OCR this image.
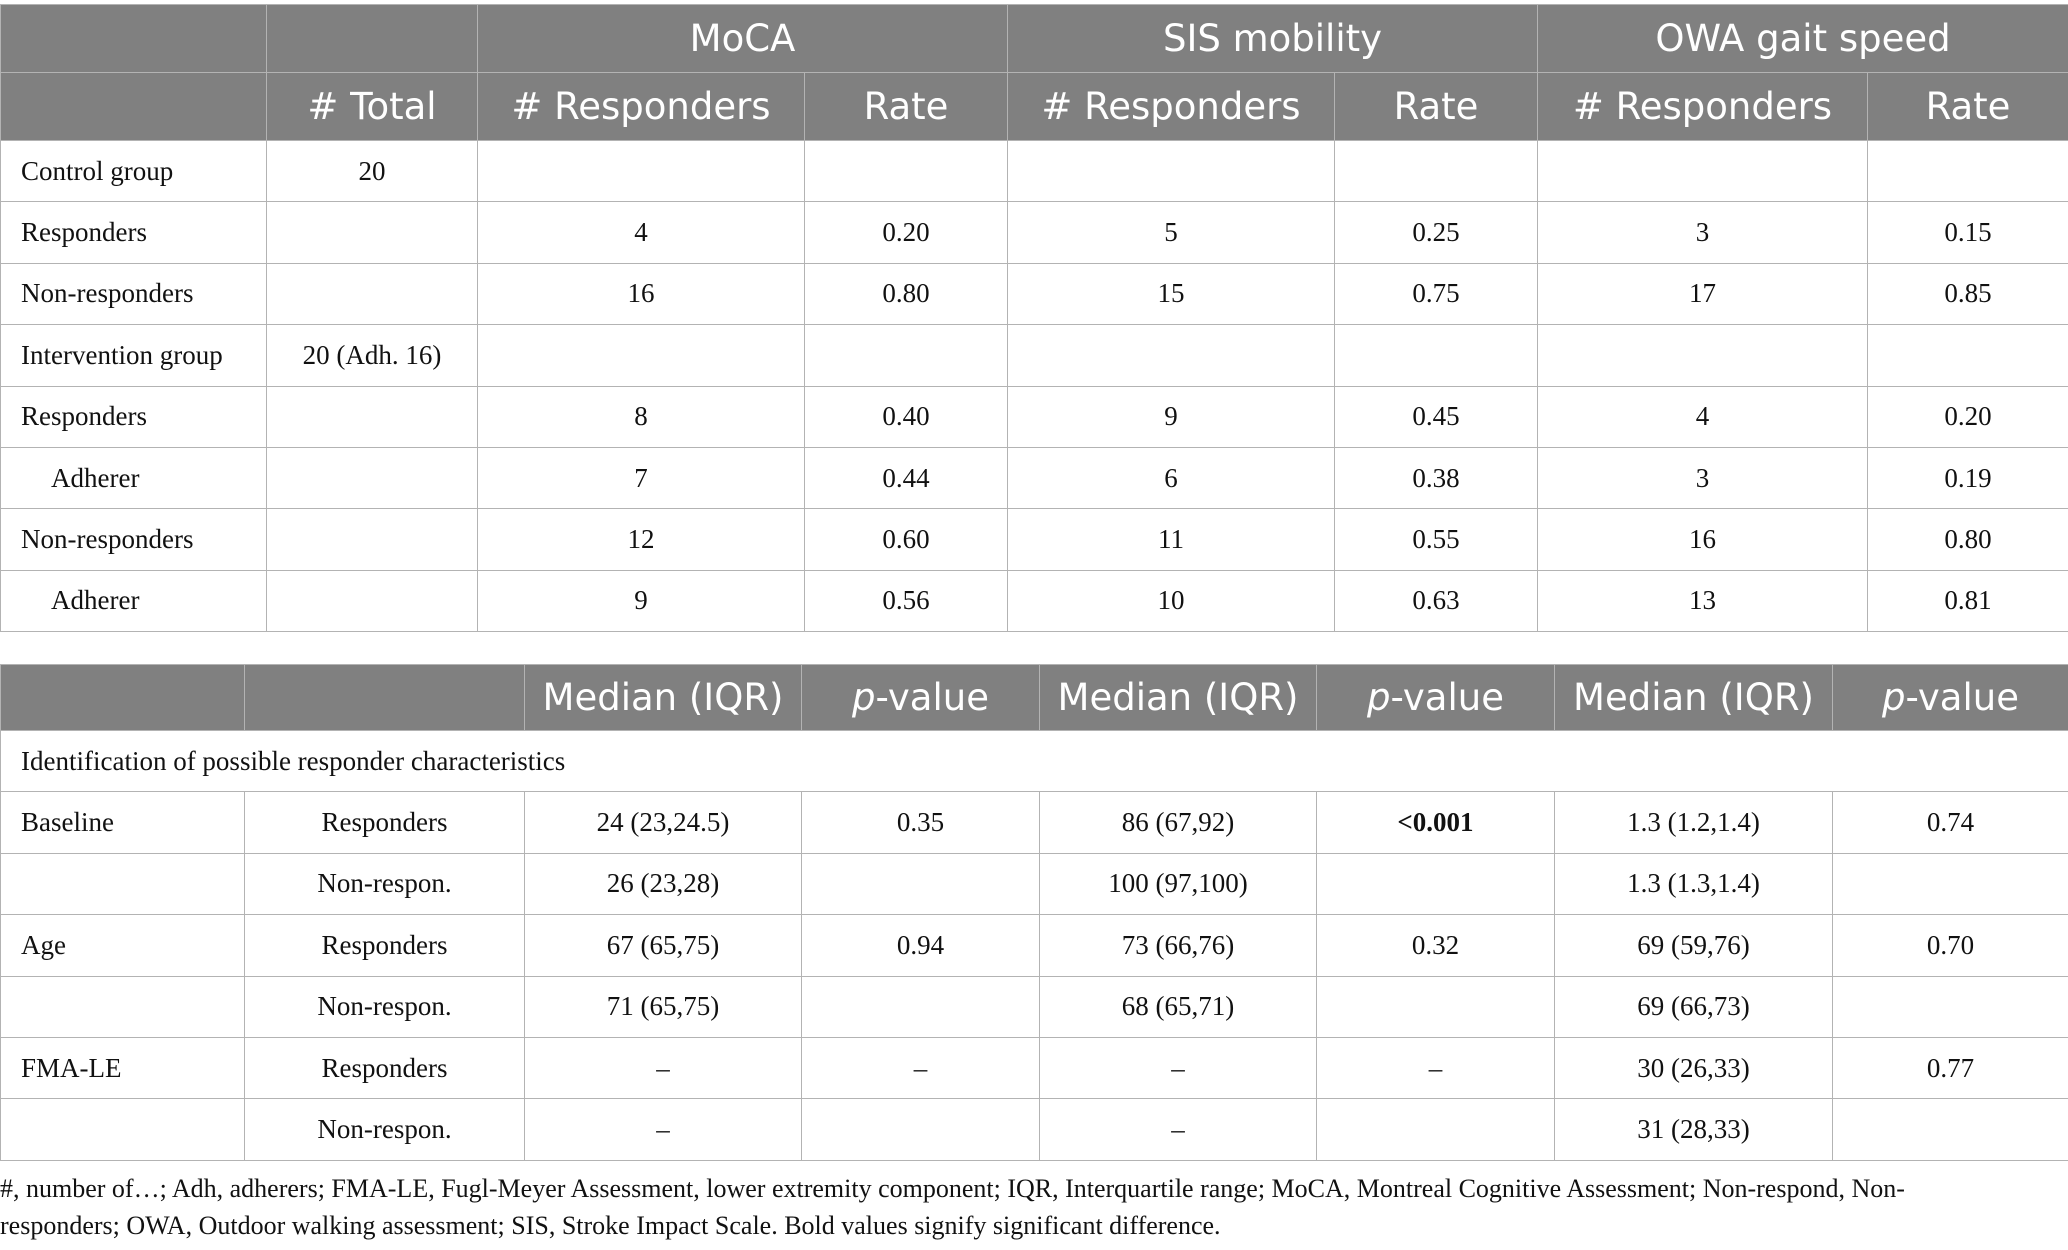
		MoCA		SIS mobility		OWA gait speed	
	# Total	# Responders	Rate	# Responders	Rate	# Responders	Rate
Control group	20						
Responders		4	0.20	5	0.25	3	0.15
Non-responders		16	0.80	15	0.75	17	0.85
Intervention group	20 (Adh. 16)						
Responders		8	0.40	9	0.45	4	0.20
Adherer		7	0.44	6	0.38	3	0.19
Non-responders		12	0.60	11	0.55	16	0.80
Adherer		9	0.56	10	0.63	13	0.81
		Median (IQR)	p-value	Median (IQR)	p-value	Median (IQR)	p-value
Identification of possible responder characteristics							
Baseline	Responders	24 (23,24.5)	0.35	86 (67,92)	<0.001	1.3 (1.2,1.4)	0.74
	Non-respon.	26 (23,28)		100 (97,100)		1.3 (1.3,1.4)	
Age	Responders	67 (65,75)	0.94	73 (66,76)	0.32	69 (59,76)	0.70
	Non-respon.	71 (65,75)		68 (65,71)		69 (66,73)	
FMA-LE	Responders	–	–	–	–	30 (26,33)	0.77
	Non-respon.	–		–		31 (28,33)	
#, number of…; Adh, adherers; FMA-LE, Fugl-Meyer Assessment, lower extremity component; IQR, Interquartile range; MoCA, Montreal Cognitive Assessment; Non-respond, Non-responders; OWA, Outdoor walking assessment; SIS, Stroke Impact Scale. Bold values signify significant difference.
